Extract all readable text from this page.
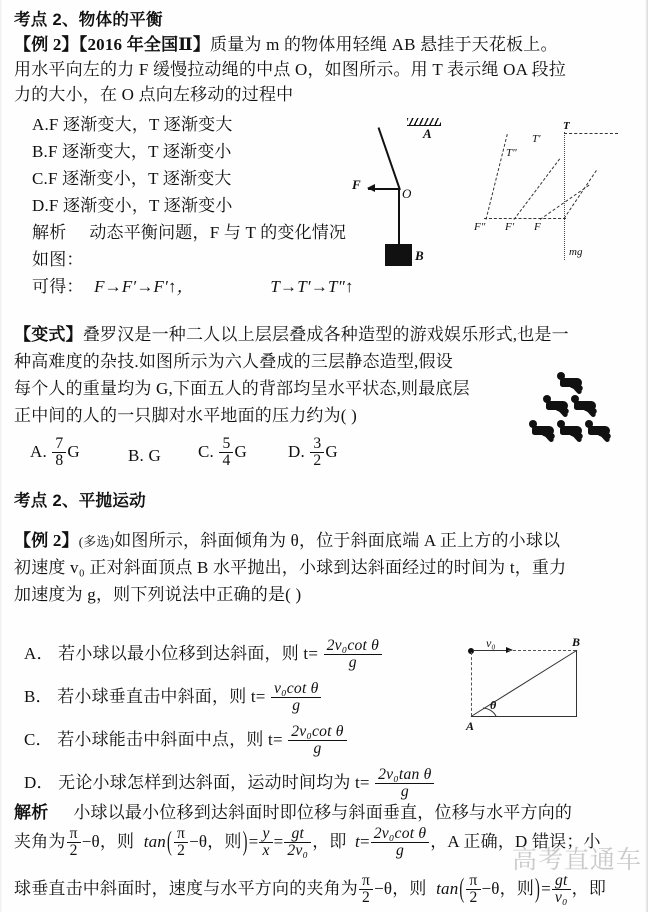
考点 2、物体的平衡
【例 2】【2016 年全国Ⅱ】质量为 m 的物体用轻绳 AB 悬挂于天花板上。
用水平向左的力 F 缓慢拉动绳的中点 O，如图所示。用 T 表示绳 OA 段拉
力的大小，在 O 点向左移动的过程中
A.F 逐渐变大，T 逐渐变大
B.F 逐渐变大，T 逐渐变小
C.F 逐渐变小，T 逐渐变大
D.F 逐渐变小，T 逐渐变小
解析 动态平衡问题，F 与 T 的变化情况
如图：
可得： F→F′→F′↑，	T→T′→T″↑
A
O
B
F
T
T′
T″
F″ F′ F
mg
【变式】叠罗汉是一种二人以上层层叠成各种造型的游戏娱乐形式,也是一
种高难度的杂技.如图所示为六人叠成的三层静态造型,假设
每个人的重量均为 G,下面五人的背部均呈水平状态,则最底层
正中间的人的一只脚对水平地面的压力约为( )
A. $\frac{7}{8}$ G	B. G C. $\frac{5}{4}$ G D. $\frac{3}{2}$ G
考点 2、平抛运动
【例 2】(多选)如图所示，斜面倾角为 θ，位于斜面底端 A 正上方的小球以
初速度 v₀ 正对斜面顶点 B 水平抛出，小球到达斜面经过的时间为 t，重力
加速度为 g，则下列说法中正确的是( )
A． 若小球以最小位移到达斜面，则 $t= \frac{\text{2v₀cot θ}}{g}$
B． 若小球垂直击中斜面，则 $t= \frac{\text{v₀cot θ}}{g}$
C． 若小球能击中斜面中点，则 $t= \frac{\text{2v₀cot θ}}{g}$
D． 无论小球怎样到达斜面，运动时间均为 $t= \frac{\text{2v₀tan θ}}{g}$
θ
A
B
v₀
解析 小球以最小位移到达斜面时即位移与斜面垂直，位移与水平方向的
夹角为 $\frac{\pi}{2} -\theta$，则 $\tan( \frac{\pi}{2} -\theta$，则)= $\frac{y}{x} = \frac{gt}{\text{2v₀}}$ ，即 $t= \frac{\text{2v₀cot θ}}{g}$ ，A 正确，D 错误；小
球垂直击中斜面时，速度与水平方向的夹角为 $\frac{\pi}{2} -\theta$，则 $\tan( \frac{\pi}{2} -\theta$，则)= $\frac{gt}{\text{v₀}}$ ，即
高考直通车
